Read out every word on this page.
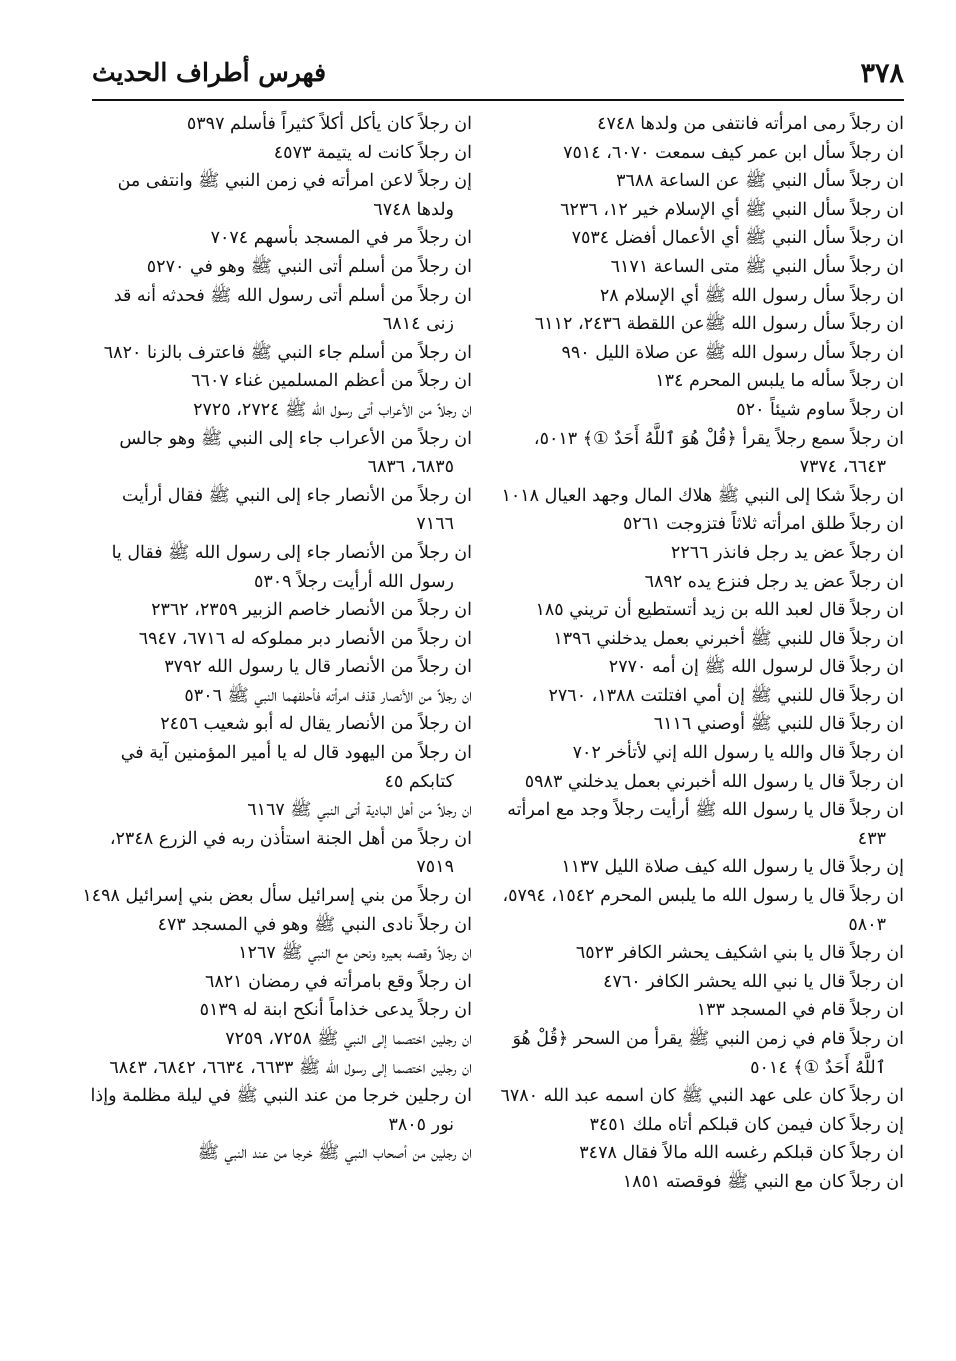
٣٧٨
فهرس أطراف الحديث

ان رجلاً رمى امرأته فانتفى من ولدها ٤٧٤٨

ان رجلاً سأل ابن عمر كيف سمعت ٦٠٧٠، ٧٥١٤

ان رجلاً سأل النبي ﷺ عن الساعة ٣٦٨٨

ان رجلاً سأل النبي ﷺ أي الإسلام خير ١٢، ٦٢٣٦

ان رجلاً سأل النبي ﷺ أي الأعمال أفضل ٧٥٣٤

ان رجلاً سأل النبي ﷺ متى الساعة ٦١٧١

ان رجلاً سأل رسول الله ﷺ أي الإسلام ٢٨

ان رجلاً سأل رسول الله ﷺعن اللقطة ٢٤٣٦، ٦١١٢

ان رجلاً سأل رسول الله ﷺ عن صلاة الليل ٩٩٠

ان رجلاً سأله ما يلبس المحرم ١٣٤

ان رجلاً ساوم شيئاً ٥٢٠

ان رجلاً سمع رجلاً يقرأ ﴿قُلْ هُوَ ٱللَّهُ أَحَدٌ ①﴾ ٥٠١٣، ٦٦٤٣، ٧٣٧٤

ان رجلاً شكا إلى النبي ﷺ هلاك المال وجهد العيال ١٠١٨

ان رجلاً طلق امرأته ثلاثاً فتزوجت ٥٢٦١

ان رجلاً عض يد رجل فانذر ٢٢٦٦

ان رجلاً عض يد رجل فنزع يده ٦٨٩٢

ان رجلاً قال لعبد الله بن زيد أتستطيع أن تريني ١٨٥

ان رجلاً قال للنبي ﷺ أخبرني بعمل يدخلني ١٣٩٦

ان رجلاً قال لرسول الله ﷺ إن أمه ٢٧٧٠

ان رجلاً قال للنبي ﷺ إن أمي افتلتت ١٣٨٨، ٢٧٦٠

ان رجلاً قال للنبي ﷺ أوصني ٦١١٦

ان رجلاً قال والله يا رسول الله إني لأتأخر ٧٠٢

ان رجلاً قال يا رسول الله أخبرني بعمل يدخلني ٥٩٨٣

ان رجلاً قال يا رسول الله ﷺ أرأيت رجلاً وجد مع امرأته ٤٣٣

إن رجلاً قال يا رسول الله كيف صلاة الليل ١١٣٧

ان رجلاً قال يا رسول الله ما يلبس المحرم ١٥٤٢، ٥٧٩٤، ٥٨٠٣

ان رجلاً قال يا بني اشكيف يحشر الكافر ٦٥٢٣

ان رجلاً قال يا نبي الله يحشر الكافر ٤٧٦٠

ان رجلاً قام في المسجد ١٣٣

ان رجلاً قام في زمن النبي ﷺ يقرأ من السحر ﴿قُلْ هُوَ ٱللَّهُ أَحَدٌ ①﴾ ٥٠١٤

ان رجلاً كان على عهد النبي ﷺ كان اسمه عبد الله ٦٧٨٠

إن رجلاً كان فيمن كان قبلكم أتاه ملك ٣٤٥١

ان رجلاً كان قبلكم رغسه الله مالاً فقال ٣٤٧٨

ان رجلاً كان مع النبي ﷺ فوقصته ١٨٥١

ان رجلاً كان يأكل أكلاً كثيراً فأسلم ٥٣٩٧

ان رجلاً كانت له يتيمة ٤٥٧٣

إن رجلاً لاعن امرأته في زمن النبي ﷺ وانتفى من ولدها ٦٧٤٨

ان رجلاً مر في المسجد بأسهم ٧٠٧٤

ان رجلاً من أسلم أتى النبي ﷺ وهو في ٥٢٧٠

ان رجلاً من أسلم أتى رسول الله ﷺ فحدثه أنه قد زنى ٦٨١٤

ان رجلاً من أسلم جاء النبي ﷺ فاعترف بالزنا ٦٨٢٠

ان رجلاً من أعظم المسلمين غناء ٦٦٠٧

ان رجلاً من الأعراب أتى رسول الله ﷺ ٢٧٢٤، ٢٧٢٥

ان رجلاً من الأعراب جاء إلى النبي ﷺ وهو جالس ٦٨٣٥، ٦٨٣٦

ان رجلاً من الأنصار جاء إلى النبي ﷺ فقال أرأيت ٧١٦٦

ان رجلاً من الأنصار جاء إلى رسول الله ﷺ فقال يا رسول الله أرأيت رجلاً ٥٣٠٩

ان رجلاً من الأنصار خاصم الزبير ٢٣٥٩، ٢٣٦٢

ان رجلاً من الأنصار دبر مملوكه له ٦٧١٦، ٦٩٤٧

ان رجلاً من الأنصار قال يا رسول الله ٣٧٩٢

ان رجلاً من الأنصار قذف امرأته فأحلفهما النبي ﷺ ٥٣٠٦

ان رجلاً من الأنصار يقال له أبو شعيب ٢٤٥٦

ان رجلاً من اليهود قال له يا أمير المؤمنين آية في كتابكم ٤٥

ان رجلاً من أهل البادية أتى النبي ﷺ ٦١٦٧

ان رجلاً من أهل الجنة استأذن ربه في الزرع ٢٣٤٨، ٧٥١٩

ان رجلاً من بني إسرائيل سأل بعض بني إسرائيل ١٤٩٨

ان رجلاً نادى النبي ﷺ وهو في المسجد ٤٧٣

ان رجلاً وقصه بعيره ونحن مع النبي ﷺ ١٢٦٧

ان رجلاً وقع بامرأته في رمضان ٦٨٢١

ان رجلاً يدعى خذاماً أنكح ابنة له ٥١٣٩

ان رجلين اختصما إلى النبي ﷺ ٧٢٥٨، ٧٢٥٩

ان رجلين اختصما إلى رسول الله ﷺ ٦٦٣٣، ٦٦٣٤، ٦٨٤٢، ٦٨٤٣

ان رجلين خرجا من عند النبي ﷺ في ليلة مظلمة وإذا نور ٣٨٠٥

ان رجلين من أصحاب النبي ﷺ خرجا من عند النبي ﷺ
